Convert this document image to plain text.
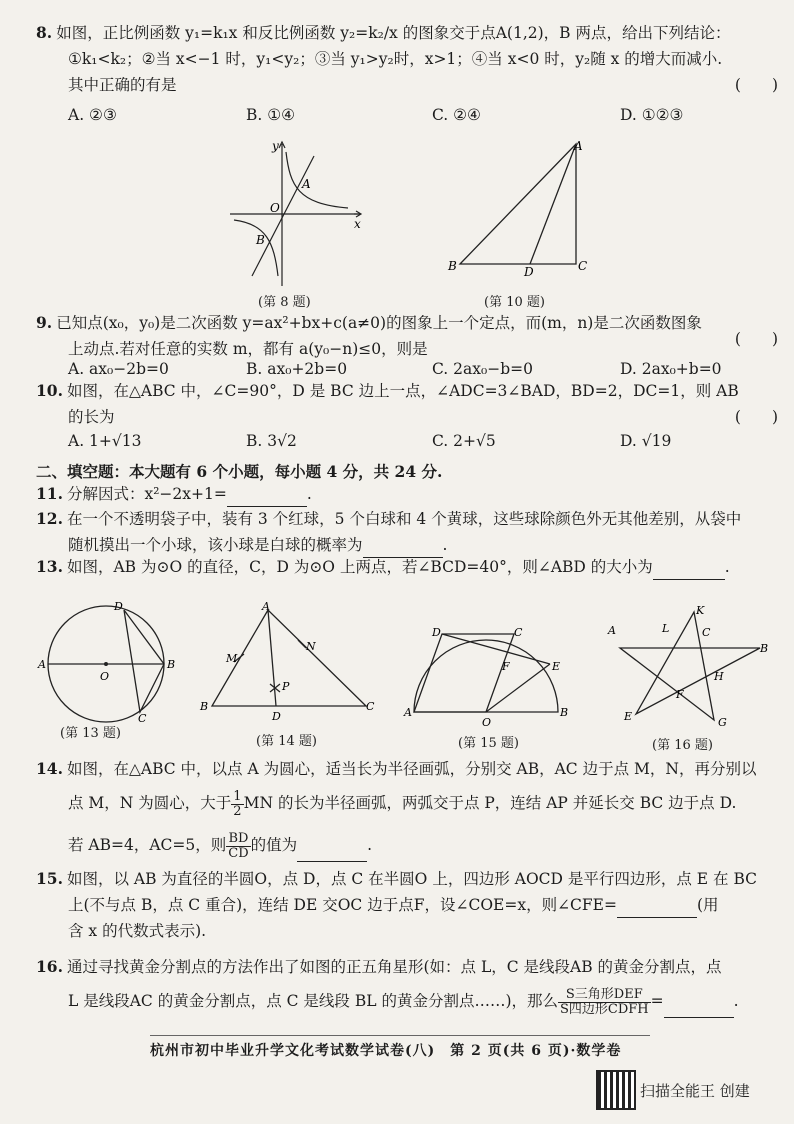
8. 如图，正比例函数 y₁=k₁x 和反比例函数 y₂=k₂/x 的图象交于点A(1,2)，B 两点，给出下列结论：
①k₁<k₂；②当 x<−1 时，y₁<y₂；③当 y₁>y₂时，x>1；④当 x<0 时，y₂随 x 的增大而减小.
其中正确的有是	(　　)
A. ②③	B. ①④	C. ②④	D. ①②③
y
x
A
O
B
(第 8 题)
A
B	D	C
(第 10 题)
9. 已知点(x₀，y₀)是二次函数 y=ax²+bx+c(a≠0)的图象上一个定点，而(m，n)是二次函数图象
上动点.若对任意的实数 m，都有 a(y₀−n)≤0，则是
(　　)
A. ax₀−2b=0	B. ax₀+2b=0	C. 2ax₀−b=0	D. 2ax₀+b=0
10. 如图，在△ABC 中，∠C=90°，D 是 BC 边上一点，∠ADC=3∠BAD，BD=2，DC=1，则 AB
的长为	(　　)
A. 1+√13	B. 3√2	C. 2+√5	D. √19
二、填空题：本大题有 6 个小题，每小题 4 分，共 24 分.
11. 分解因式：x²−2x+1=	.
12. 在一个不透明袋子中，装有 3 个红球，5 个白球和 4 个黄球，这些球除颜色外无其他差别，从袋中
随机摸出一个小球，该小球是白球的概率为	.
13. 如图，AB 为⊙O 的直径，C，D 为⊙O 上两点，若∠BCD=40°，则∠ABD 的大小为	.
D
A
O
B
C
(第 13 题)
A
M
N
P
B
D
C
(第 14 题)
D	C
F	E
A
O
B
(第 15 题)
K
A	L	C
B
H
F
E	G
(第 16 题)
14. 如图，在△ABC 中，以点 A 为圆心，适当长为半径画弧，分别交 AB，AC 边于点 M，N，再分别以
点 M，N 为圆心，大于 $\frac{1}{2}$ MN 的长为半径画弧，两弧交于点 P，连结 AP 并延长交 BC 边于点 D.
若 AB=4，AC=5，则 $\frac{BD}{CD}$ 的值为	.
15. 如图，以 AB 为直径的半圆O，点 D，点 C 在半圆O 上，四边形 AOCD 是平行四边形，点 E 在 BC
上(不与点 B，点 C 重合)，连结 DE 交OC 边于点F，设∠COE=x，则∠CFE=	(用
含 x 的代数式表示).
16. 通过寻找黄金分割点的方法作出了如图的正五角星形(如：点 L，C 是线段AB 的黄金分割点，点
L 是线段AC 的黄金分割点，点 C 是线段 BL 的黄金分割点……)，那么 $\frac{\text{S三角形DEF}}{\text{S四边形CDFH}}$ =	.
杭州市初中毕业升学文化考试数学试卷(八)　第 2 页(共 6 页)·数学卷
扫描全能王 创建
